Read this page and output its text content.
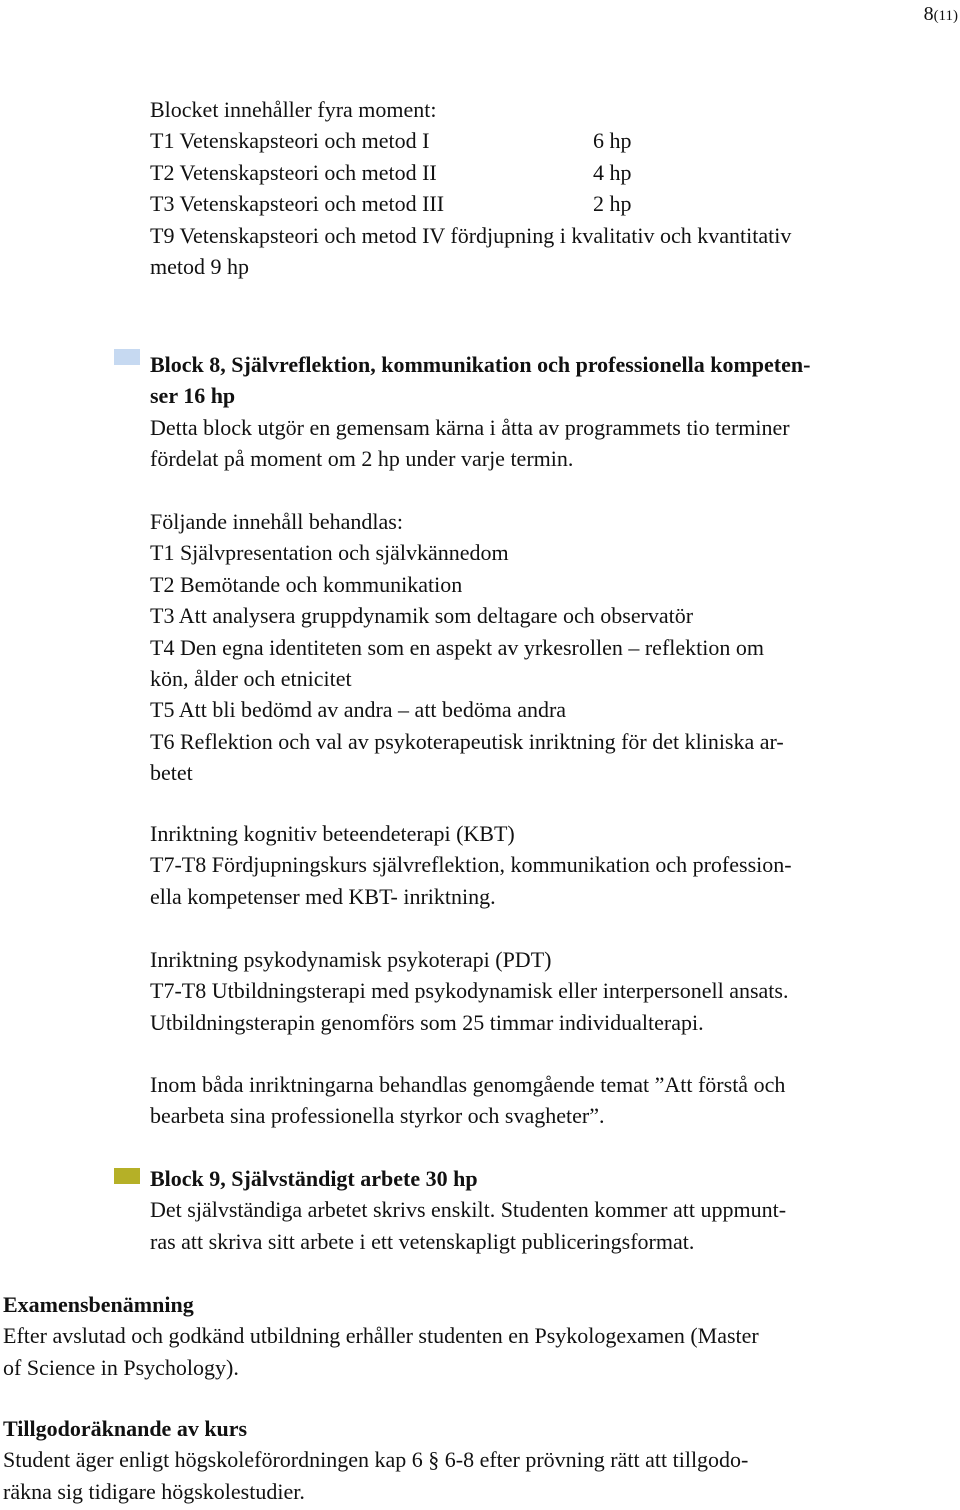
8(11)
Blocket innehåller fyra moment:
T1 Vetenskapsteori och metod I	6 hp
T2 Vetenskapsteori och metod II	4 hp
T3 Vetenskapsteori och metod III	2 hp
T9 Vetenskapsteori och metod IV fördjupning i kvalitativ och kvantitativ
metod 9 hp
Block 8, Självreflektion, kommunikation och professionella kompeten-
ser 16 hp
Detta block utgör en gemensam kärna i åtta av programmets tio terminer
fördelat på moment om 2 hp under varje termin.
Följande innehåll behandlas:
T1 Självpresentation och självkännedom
T2 Bemötande och kommunikation
T3 Att analysera gruppdynamik som deltagare och observatör
T4 Den egna identiteten som en aspekt av yrkesrollen – reflektion om
kön, ålder och etnicitet
T5 Att bli bedömd av andra – att bedöma andra
T6 Reflektion och val av psykoterapeutisk inriktning för det kliniska ar-
betet
Inriktning kognitiv beteendeterapi (KBT)
T7-T8 Fördjupningskurs självreflektion, kommunikation och profession-
ella kompetenser med KBT- inriktning.
Inriktning psykodynamisk psykoterapi (PDT)
T7-T8 Utbildningsterapi med psykodynamisk eller interpersonell ansats.
Utbildningsterapin genomförs som 25 timmar individualterapi.
Inom båda inriktningarna behandlas genomgående temat ”Att förstå och
bearbeta sina professionella styrkor och svagheter”.
Block 9, Självständigt arbete 30 hp
Det självständiga arbetet skrivs enskilt. Studenten kommer att uppmunt-
ras att skriva sitt arbete i ett vetenskapligt publiceringsformat.
Examensbenämning
Efter avslutad och godkänd utbildning erhåller studenten en Psykologexamen (Master
of Science in Psychology).
Tillgodoräknande av kurs
Student äger enligt högskoleförordningen kap 6 § 6-8 efter prövning rätt att tillgodo-
räkna sig tidigare högskolestudier.
